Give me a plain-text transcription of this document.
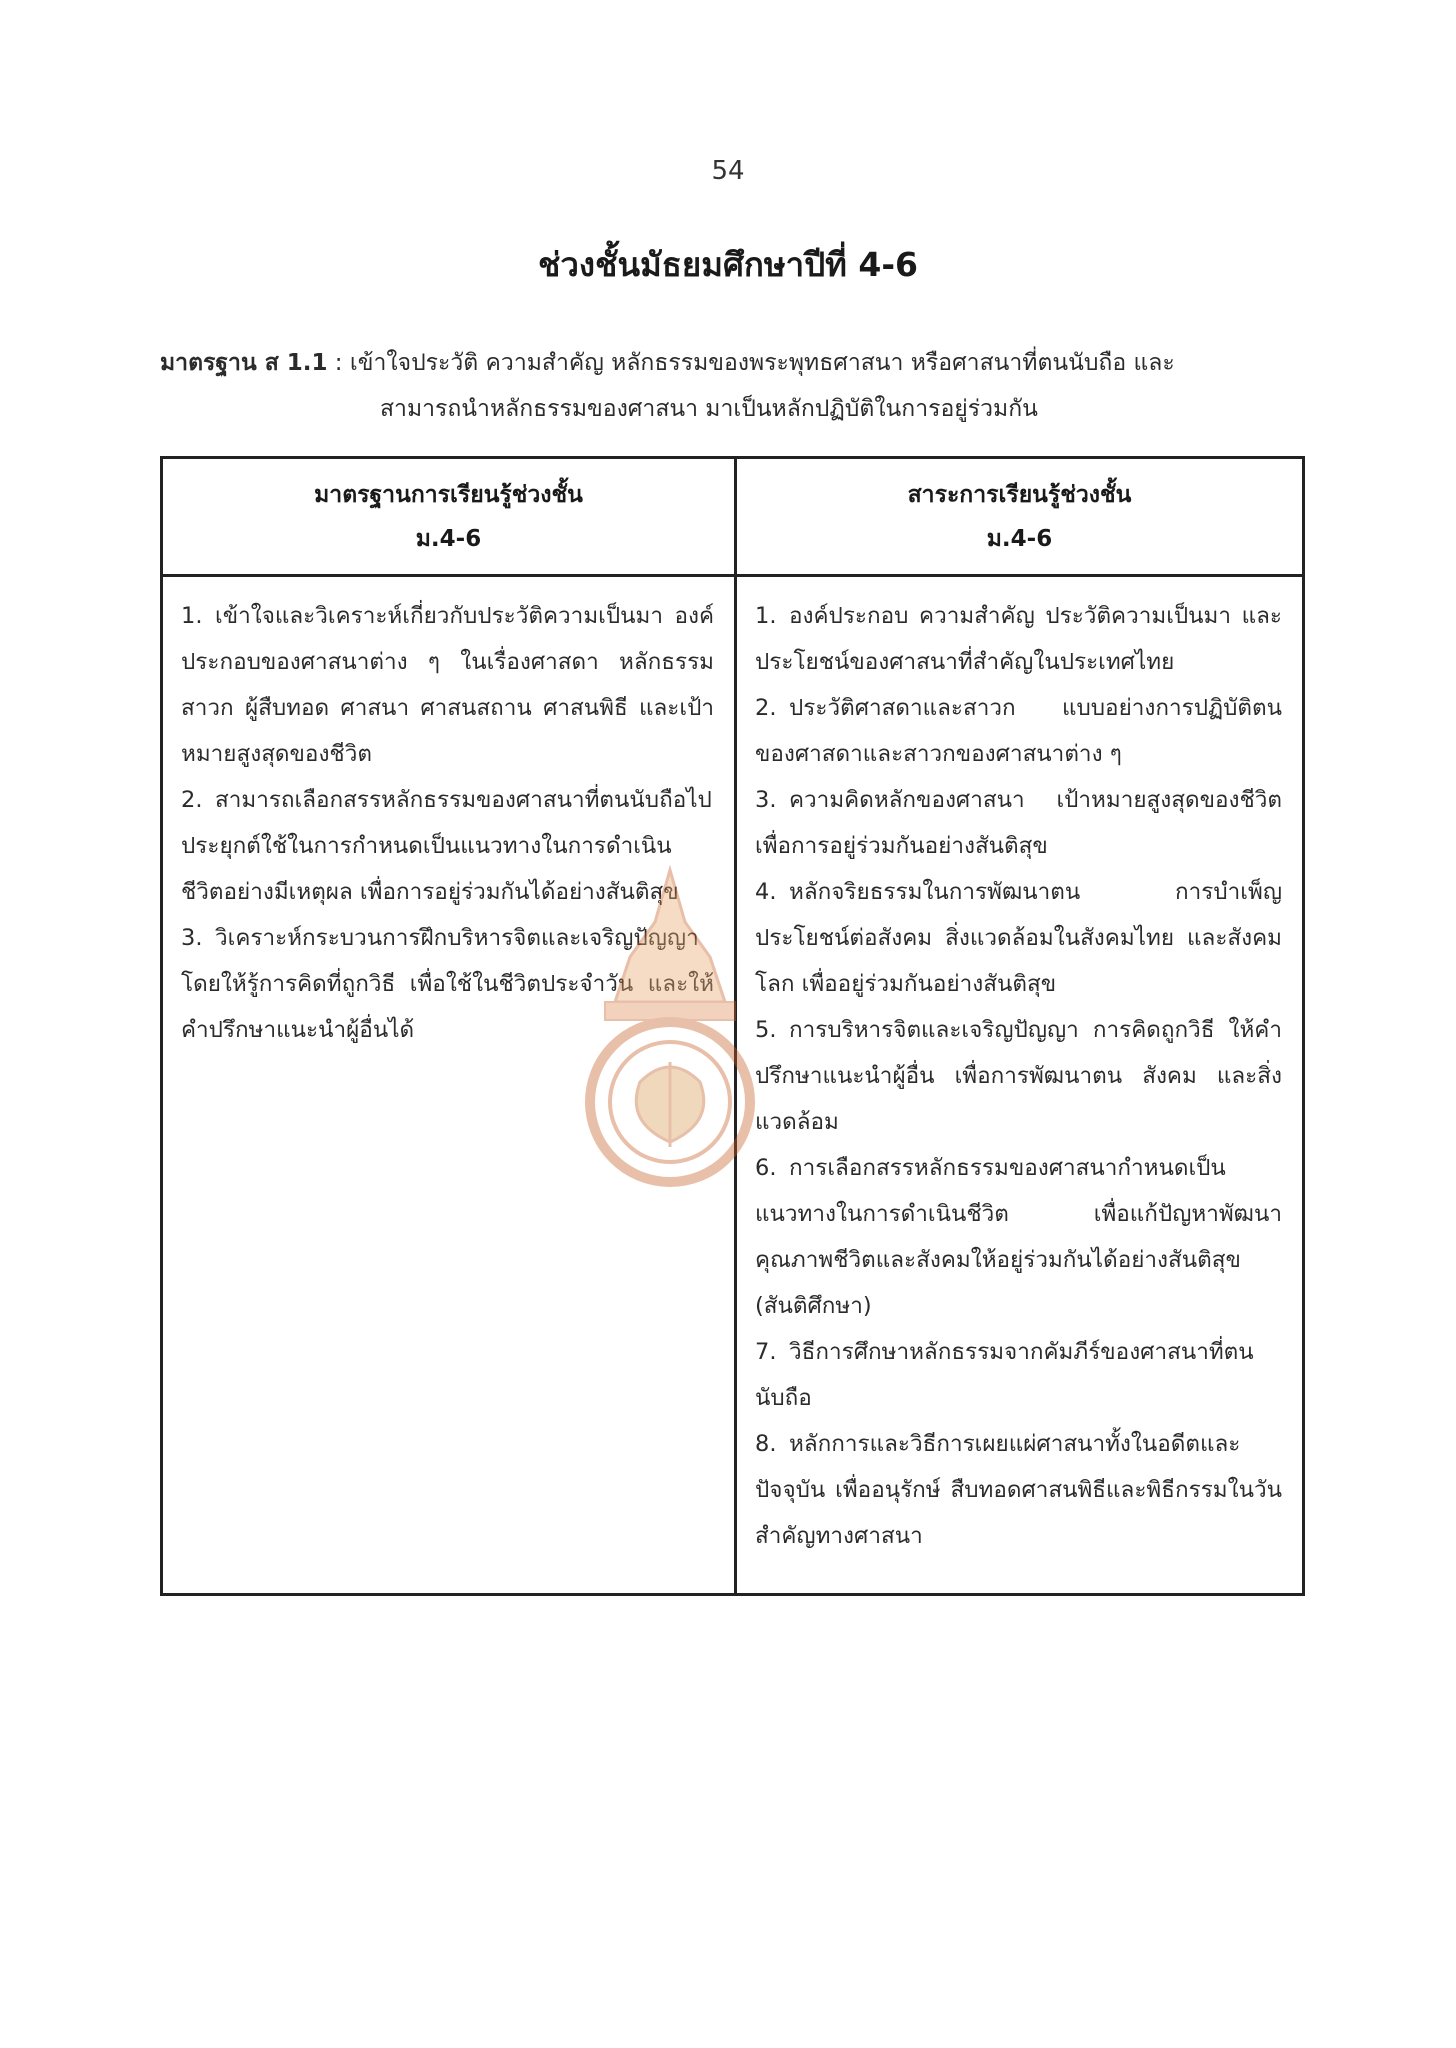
54
ช่วงชั้นมัธยมศึกษาปีที่ 4-6
มาตรฐาน ส 1.1 : เข้าใจประวัติ ความสำคัญ หลักธรรมของพระพุทธศาสนา หรือศาสนาที่ตนนับถือ และ
สามารถนำหลักธรรมของศาสนา มาเป็นหลักปฏิบัติในการอยู่ร่วมกัน
มาตรฐานการเรียนรู้ช่วงชั้น
ม.4-6
สาระการเรียนรู้ช่วงชั้น
ม.4-6
1. เข้าใจและวิเคราะห์เกี่ยวกับประวัติความเป็นมา องค์ประกอบของศาสนาต่าง ๆ ในเรื่องศาสดา หลักธรรม สาวก ผู้สืบทอด ศาสนา ศาสนสถาน ศาสนพิธี และเป้าหมายสูงสุดของชีวิต
2. สามารถเลือกสรรหลักธรรมของศาสนาที่ตนนับถือไปประยุกต์ใช้ในการกำหนดเป็นแนวทางในการดำเนินชีวิตอย่างมีเหตุผล เพื่อการอยู่ร่วมกันได้อย่างสันติสุข
3. วิเคราะห์กระบวนการฝึกบริหารจิตและเจริญปัญญา โดยให้รู้การคิดที่ถูกวิธี เพื่อใช้ในชีวิตประจำวัน และให้คำปรึกษาแนะนำผู้อื่นได้
1. องค์ประกอบ ความสำคัญ ประวัติความเป็นมา และประโยชน์ของศาสนาที่สำคัญในประเทศไทย
2. ประวัติศาสดาและสาวก แบบอย่างการปฏิบัติตนของศาสดาและสาวกของศาสนาต่าง ๆ
3. ความคิดหลักของศาสนา เป้าหมายสูงสุดของชีวิต เพื่อการอยู่ร่วมกันอย่างสันติสุข
4. หลักจริยธรรมในการพัฒนาตน การบำเพ็ญประโยชน์ต่อสังคม สิ่งแวดล้อมในสังคมไทย และสังคมโลก เพื่ออยู่ร่วมกันอย่างสันติสุข
5. การบริหารจิตและเจริญปัญญา การคิดถูกวิธี ให้คำปรึกษาแนะนำผู้อื่น เพื่อการพัฒนาตน สังคม และสิ่งแวดล้อม
6. การเลือกสรรหลักธรรมของศาสนากำหนดเป็นแนวทางในการดำเนินชีวิต เพื่อแก้ปัญหาพัฒนาคุณภาพชีวิตและสังคมให้อยู่ร่วมกันได้อย่างสันติสุข (สันติศึกษา)
7. วิธีการศึกษาหลักธรรมจากคัมภีร์ของศาสนาที่ตนนับถือ
8. หลักการและวิธีการเผยแผ่ศาสนาทั้งในอดีตและปัจจุบัน เพื่ออนุรักษ์ สืบทอดศาสนพิธีและพิธีกรรมในวันสำคัญทางศาสนา
